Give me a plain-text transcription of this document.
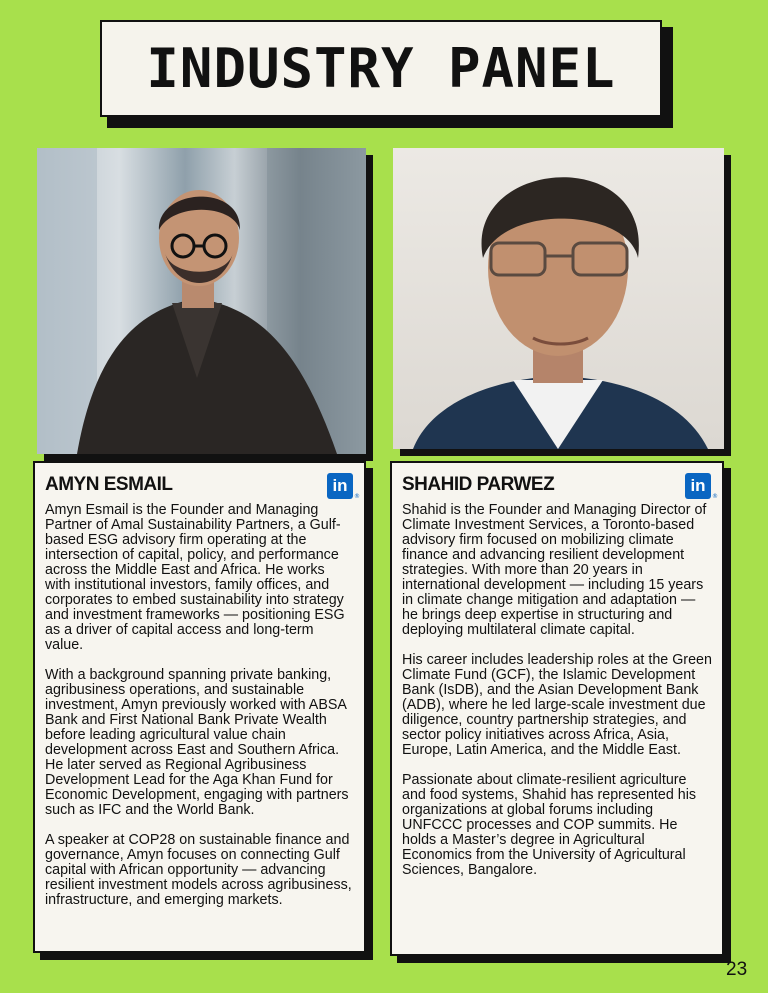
INDUSTRY PANEL
AMYN ESMAIL	in
®

Amyn Esmail is the Founder and Managing Partner of Amal Sustainability Partners, a Gulf-based ESG advisory firm operating at the intersection of capital, policy, and performance across the Middle East and Africa. He works with institutional investors, family offices, and corporates to embed sustainability into strategy and investment frameworks — positioning ESG as a driver of capital access and long-term value.

With a background spanning private banking, agribusiness operations, and sustainable investment, Amyn previously worked with ABSA Bank and First National Bank Private Wealth before leading agricultural value chain development across East and Southern Africa. He later served as Regional Agribusiness Development Lead for the Aga Khan Fund for Economic Development, engaging with partners such as IFC and the World Bank.

A speaker at COP28 on sustainable finance and governance, Amyn focuses on connecting Gulf capital with African opportunity — advancing resilient investment models across agribusiness, infrastructure, and emerging markets.

SHAHID PARWEZ	in
®

Shahid is the Founder and Managing Director of Climate Investment Services, a Toronto-based advisory firm focused on mobilizing climate finance and advancing resilient development strategies. With more than 20 years in international development — including 15 years in climate change mitigation and adaptation — he brings deep expertise in structuring and deploying multilateral climate capital.

His career includes leadership roles at the Green Climate Fund (GCF), the Islamic Development Bank (IsDB), and the Asian Development Bank (ADB), where he led large-scale investment due diligence, country partnership strategies, and sector policy initiatives across Africa, Asia, Europe, Latin America, and the Middle East.

Passionate about climate-resilient agriculture and food systems, Shahid has represented his organizations at global forums including UNFCCC processes and COP summits. He holds a Master’s degree in Agricultural Economics from the University of Agricultural Sciences, Bangalore.

23
